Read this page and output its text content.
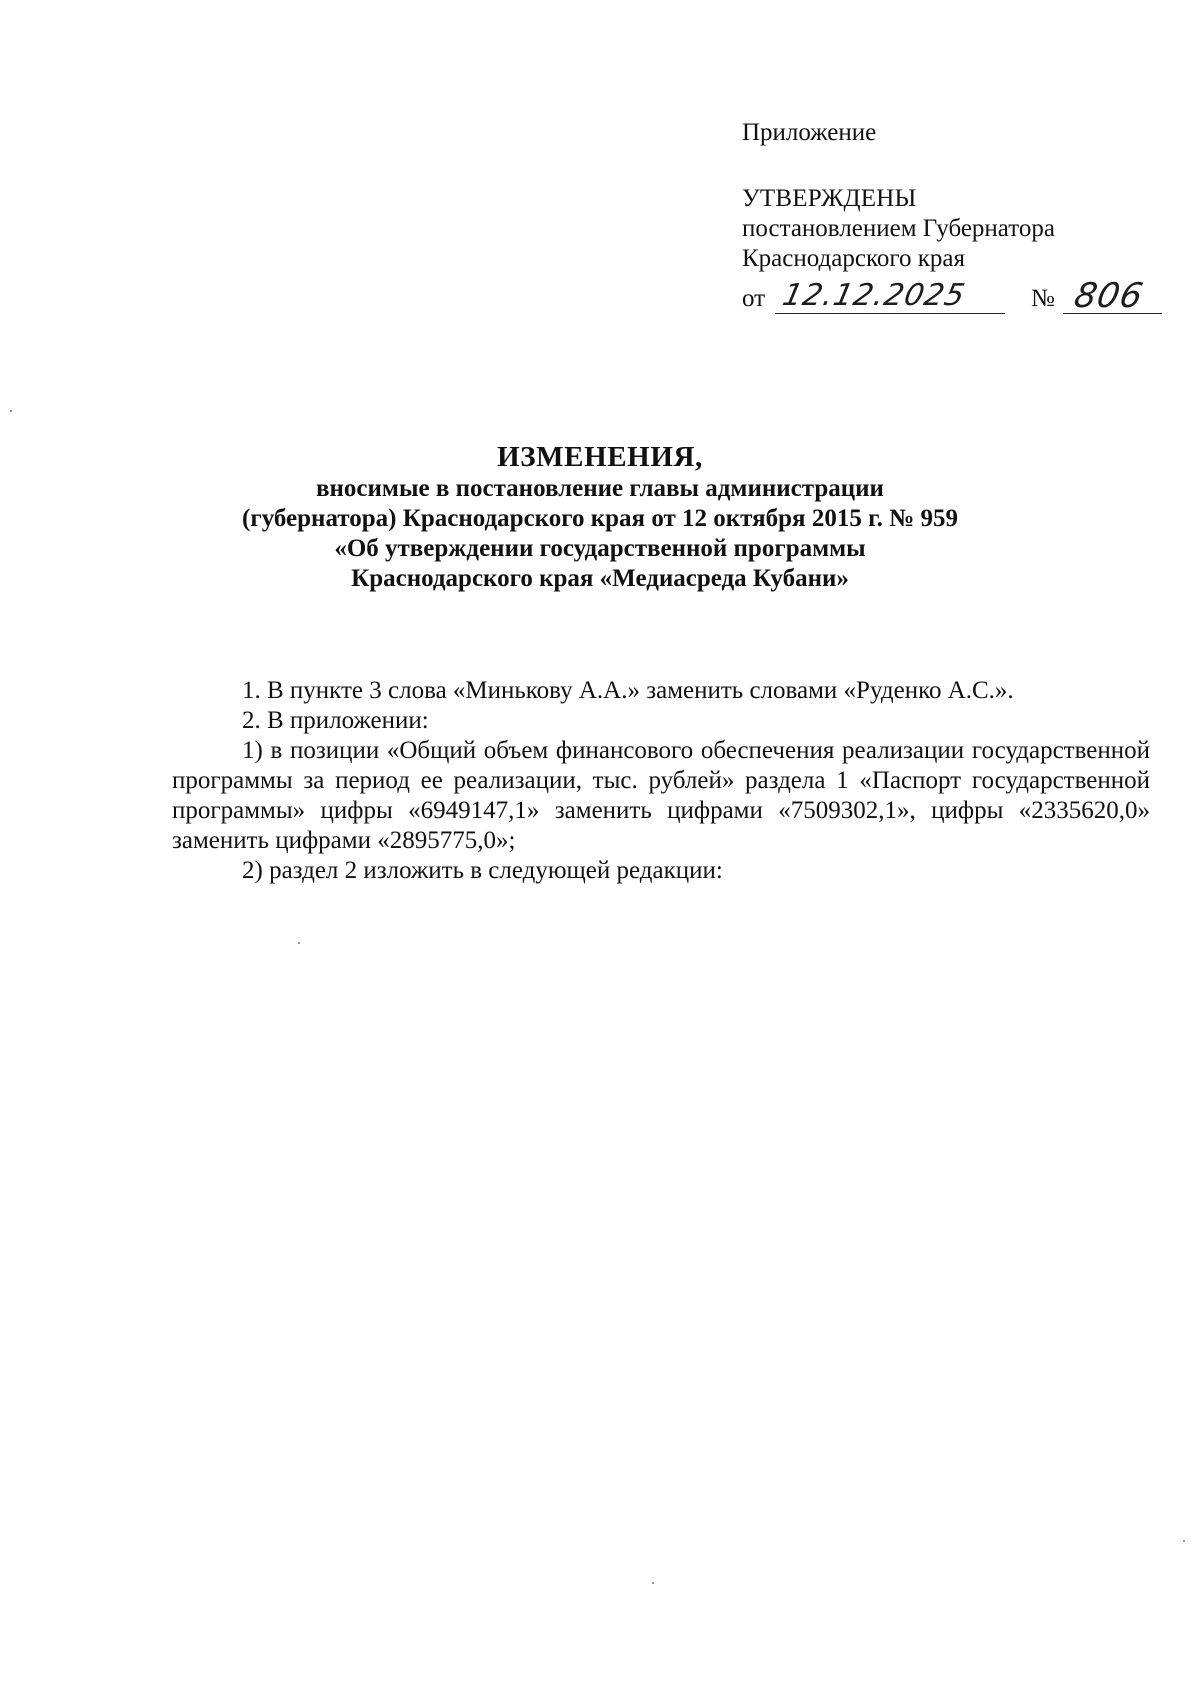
Приложение

УТВЕРЖДЕНЫ

постановлением Губернатора

Краснодарского края

от 12.12.2025 № 806

ИЗМЕНЕНИЯ,

вносимые в постановление главы администрации

(губернатора) Краснодарского края от 12 октября 2015 г. № 959

«Об утверждении государственной программы

Краснодарского края «Медиасреда Кубани»

1. В пункте 3 слова «Минькову А.А.» заменить словами «Руденко А.С.».

2. В приложении:

1) в позиции «Общий объем финансового обеспечения реализации государственной программы за период ее реализации, тыс. рублей» раздела 1 «Паспорт государственной программы» цифры «6949147,1» заменить цифрами «7509302,1», цифры «2335620,0» заменить цифрами «2895775,0»;

2) раздел 2 изложить в следующей редакции:
